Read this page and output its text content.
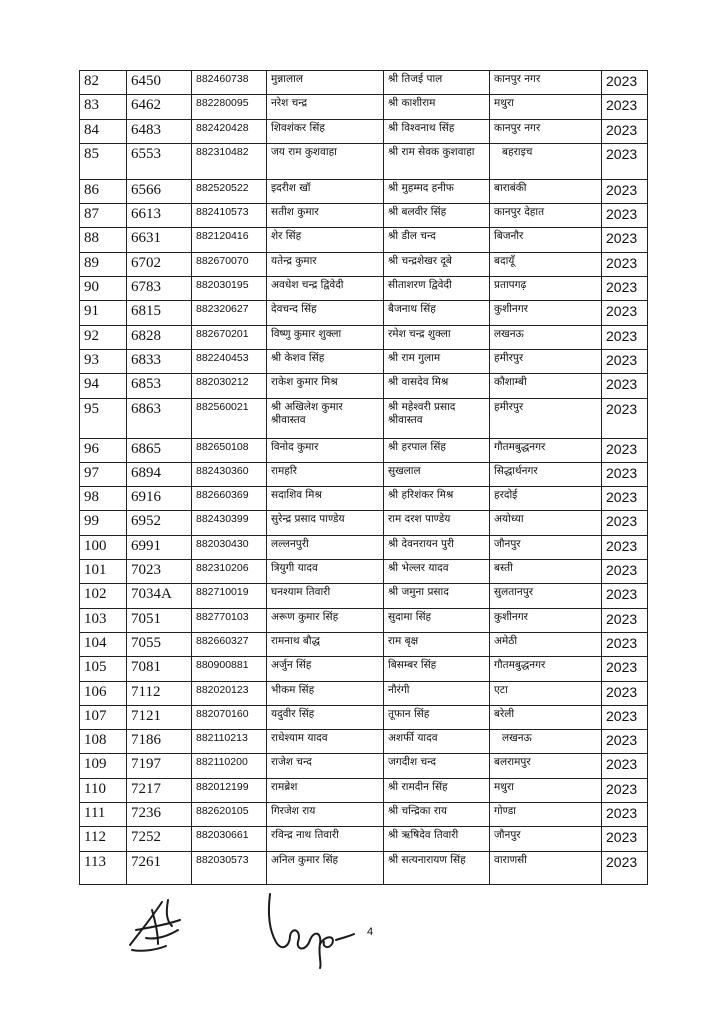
82	6450	882460738	मुन्नालाल	श्री तिजई पाल	कानपुर नगर	2023
83	6462	882280095	नरेश चन्द्र	श्री काशीराम	मथुरा	2023
84	6483	882420428	शिवशंकर सिंह	श्री विश्वनाथ सिंह	कानपुर नगर	2023
85	6553	882310482	जय राम कुशवाहा	श्री राम सेवक कुशवाहा	बहराइच	2023
86	6566	882520522	इदरीश खॉ	श्री मुहम्मद हनीफ	बाराबंकी	2023
87	6613	882410573	सतीश कुमार	श्री बलवीर सिंह	कानपुर देहात	2023
88	6631	882120416	शेर सिंह	श्री डील चन्द	बिजनौर	2023
89	6702	882670070	यतेन्द्र कुमार	श्री चन्द्रशेखर दूबे	बदायूँ	2023
90	6783	882030195	अवधेश चन्द्र द्विवेदी	सीताशरण द्विवेदी	प्रतापगढ़	2023
91	6815	882320627	देवचन्द सिंह	बैजनाथ सिंह	कुशीनगर	2023
92	6828	882670201	विष्णु कुमार शुक्ला	रमेश चन्द्र शुक्ला	लखनऊ	2023
93	6833	882240453	श्री केशव सिंह	श्री राम गुलाम	हमीरपुर	2023
94	6853	882030212	राकेश कुमार मिश्र	श्री वासदेव मिश्र	कौशाम्बी	2023
95	6863	882560021	श्री अखिलेश कुमार श्रीवास्तव	श्री महेश्वरी प्रसाद श्रीवास्तव	हमीरपुर	2023
96	6865	882650108	विनोद कुमार	श्री हरपाल सिंह	गौतमबुद्धनगर	2023
97	6894	882430360	रामहरि	सुखलाल	सिद्धार्थनगर	2023
98	6916	882660369	सदाशिव मिश्र	श्री हरिशंकर मिश्र	हरदोई	2023
99	6952	882430399	सुरेन्द्र प्रसाद पाण्डेय	राम दरश पाण्डेय	अयोध्या	2023
100	6991	882030430	लल्लनपुरी	श्री देवनरायन पुरी	जौनपुर	2023
101	7023	882310206	त्रियुगी यादव	श्री भेल्लर यादव	बस्ती	2023
102	7034A	882710019	घनश्याम तिवारी	श्री जमुना प्रसाद	सुलतानपुर	2023
103	7051	882770103	अरूण कुमार सिंह	सुदामा सिंह	कुशीनगर	2023
104	7055	882660327	रामनाथ बौद्ध	राम बृक्ष	अमेठी	2023
105	7081	880900881	अर्जुन सिंह	बिसम्बर सिंह	गौतमबुद्धनगर	2023
106	7112	882020123	भीकम सिंह	नौरंगी	एटा	2023
107	7121	882070160	यदुवीर सिंह	तूफान सिंह	बरेली	2023
108	7186	882110213	राधेश्याम यादव	अशर्फी यादव	लखनऊ	2023
109	7197	882110200	राजेश चन्द	जगदीश चन्द	बलरामपुर	2023
110	7217	882012199	रामब्रेश	श्री रामदीन सिंह	मथुरा	2023
111	7236	882620105	गिरजेश राय	श्री चन्द्रिका राय	गोण्डा	2023
112	7252	882030661	रविन्द्र नाथ तिवारी	श्री ऋषिदेव तिवारी	जौनपुर	2023
113	7261	882030573	अनिल कुमार सिंह	श्री सत्यनारायण सिंह	वाराणसी	2023
4
